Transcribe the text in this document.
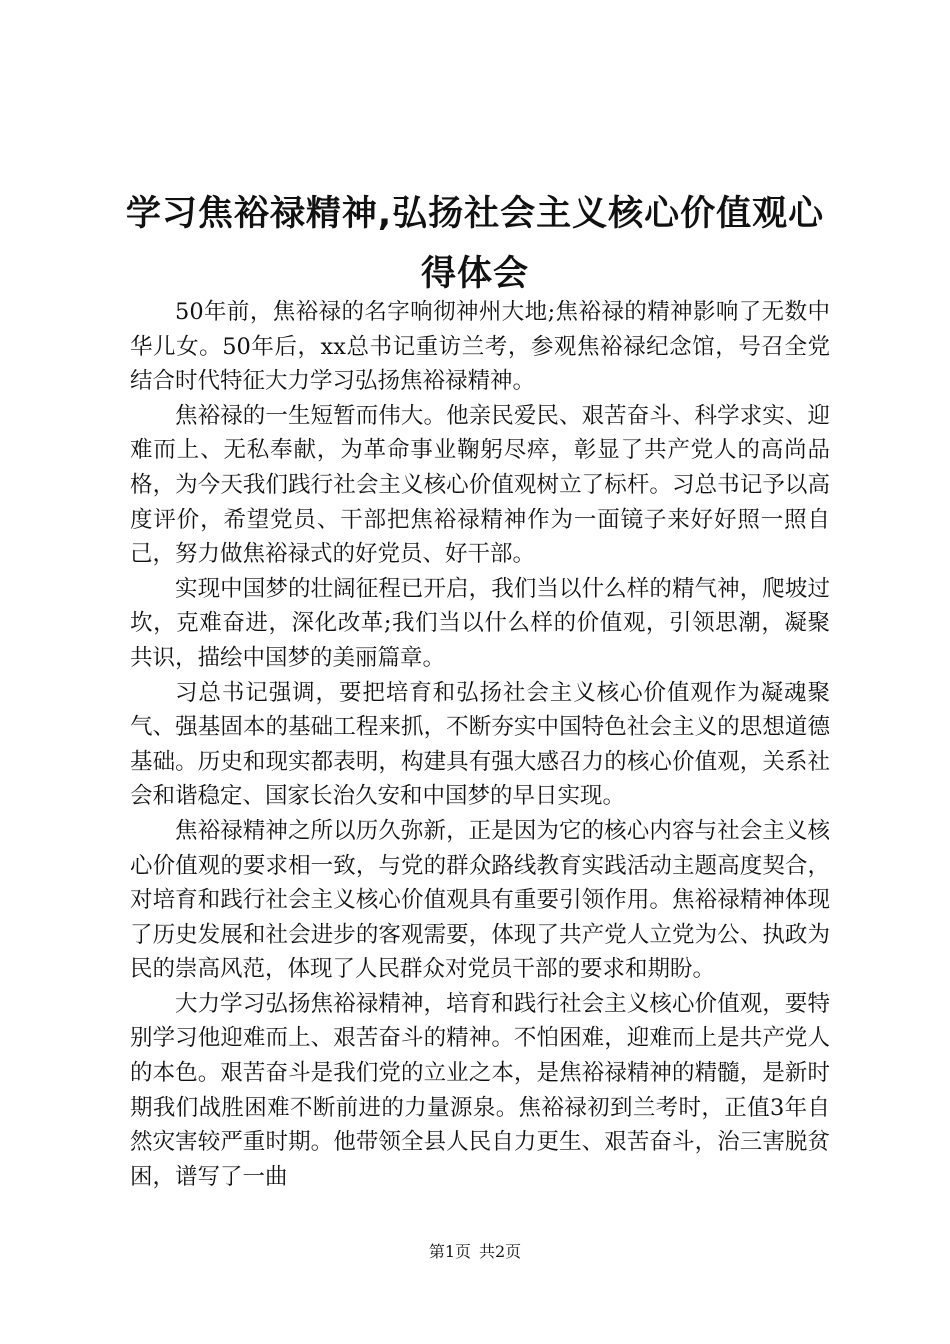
学习焦裕禄精神,弘扬社会主义核心价值观心得体会

50年前，焦裕禄的名字响彻神州大地;焦裕禄的精神影响了无数中华儿女。50年后，xx总书记重访兰考，参观焦裕禄纪念馆，号召全党结合时代特征大力学习弘扬焦裕禄精神。

焦裕禄的一生短暂而伟大。他亲民爱民、艰苦奋斗、科学求实、迎难而上、无私奉献，为革命事业鞠躬尽瘁，彰显了共产党人的高尚品格，为今天我们践行社会主义核心价值观树立了标杆。习总书记予以高度评价，希望党员、干部把焦裕禄精神作为一面镜子来好好照一照自己，努力做焦裕禄式的好党员、好干部。

实现中国梦的壮阔征程已开启，我们当以什么样的精气神，爬坡过坎，克难奋进，深化改革;我们当以什么样的价值观，引领思潮，凝聚共识，描绘中国梦的美丽篇章。

习总书记强调，要把培育和弘扬社会主义核心价值观作为凝魂聚气、强基固本的基础工程来抓，不断夯实中国特色社会主义的思想道德基础。历史和现实都表明，构建具有强大感召力的核心价值观，关系社会和谐稳定、国家长治久安和中国梦的早日实现。

焦裕禄精神之所以历久弥新，正是因为它的核心内容与社会主义核心价值观的要求相一致，与党的群众路线教育实践活动主题高度契合，对培育和践行社会主义核心价值观具有重要引领作用。焦裕禄精神体现了历史发展和社会进步的客观需要，体现了共产党人立党为公、执政为民的崇高风范，体现了人民群众对党员干部的要求和期盼。

大力学习弘扬焦裕禄精神，培育和践行社会主义核心价值观，要特别学习他迎难而上、艰苦奋斗的精神。不怕困难，迎难而上是共产党人的本色。艰苦奋斗是我们党的立业之本，是焦裕禄精神的精髓，是新时期我们战胜困难不断前进的力量源泉。焦裕禄初到兰考时，正值3年自然灾害较严重时期。他带领全县人民自力更生、艰苦奋斗，治三害脱贫困，谱写了一曲

第1页 共2页
